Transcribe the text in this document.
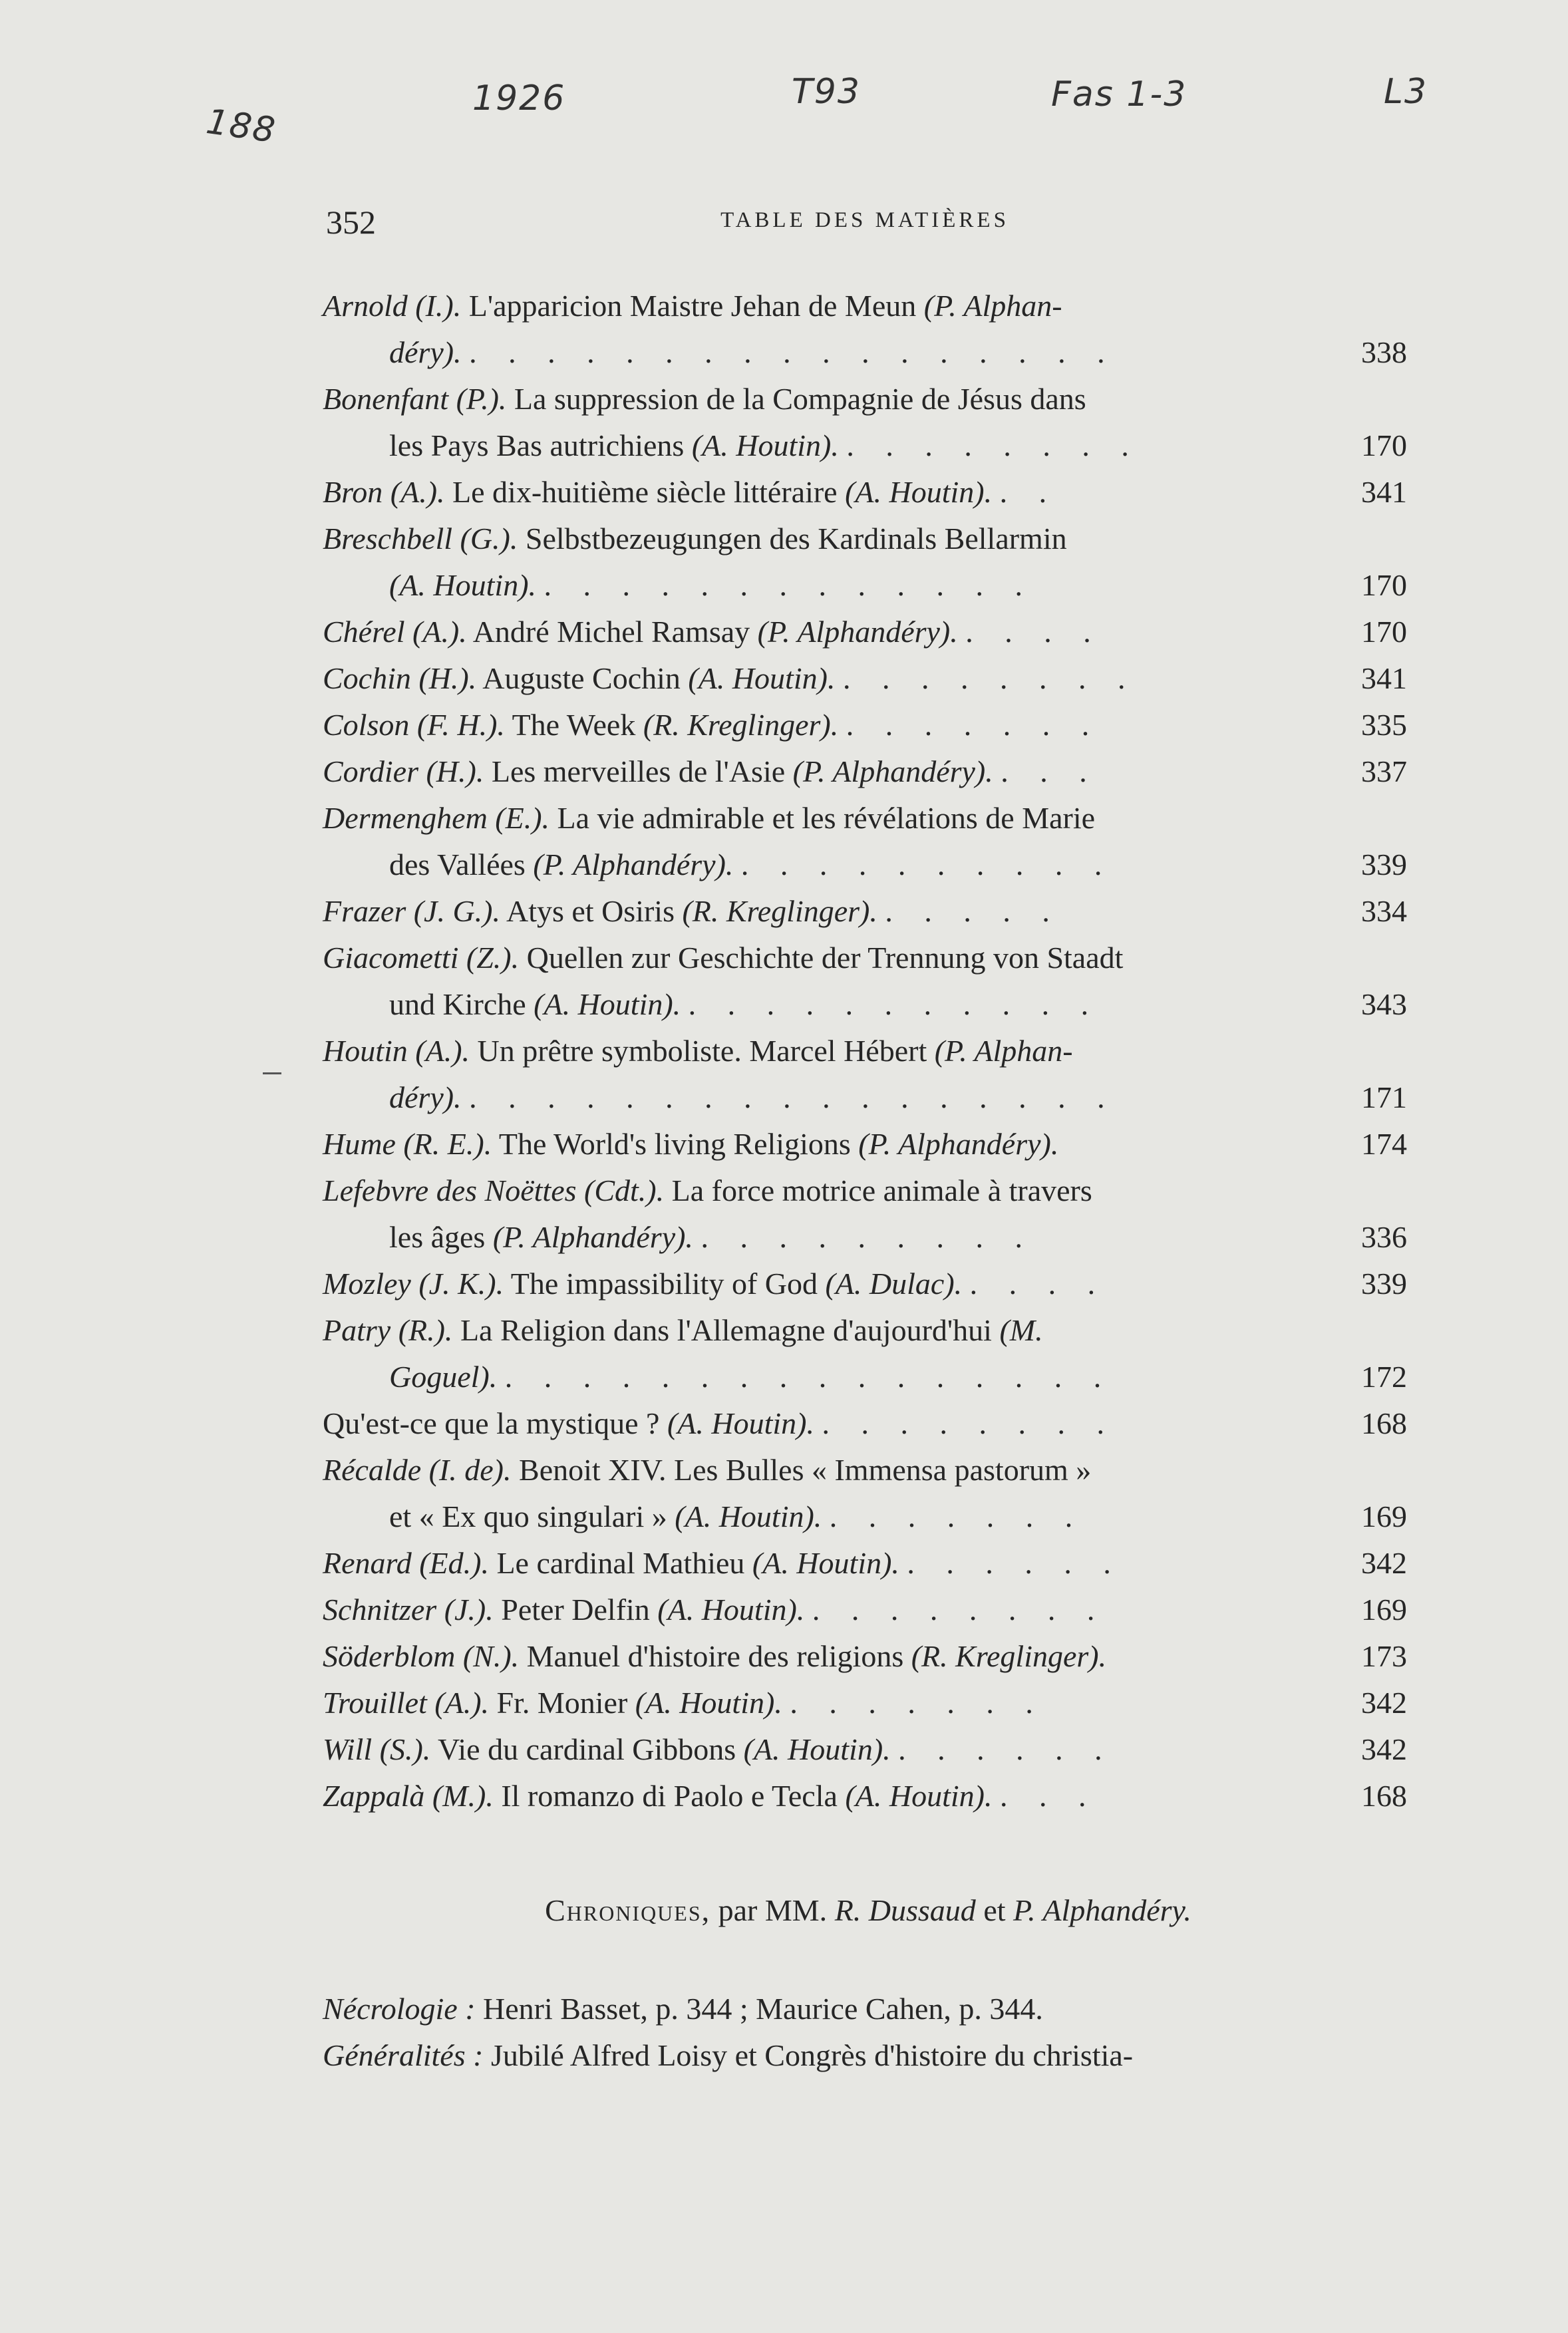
188
1926	T93	Fas 1-3	L3
352	TABLE DES MATIÈRES
Arnold (I.). L'apparicion Maistre Jehan de Meun (P. Alphan-
déry). . . . . . . . . . . . . . . . . .	338
Bonenfant (P.). La suppression de la Compagnie de Jésus dans
les Pays Bas autrichiens (A. Houtin). . . . . . . . .	170
Bron (A.). Le dix-huitième siècle littéraire (A. Houtin). . .	341
Breschbell (G.). Selbstbezeugungen des Kardinals Bellarmin
(A. Houtin). . . . . . . . . . . . . .	170
Chérel (A.). André Michel Ramsay (P. Alphandéry). . . . .	170
Cochin (H.). Auguste Cochin (A. Houtin). . . . . . . . .	341
Colson (F. H.). The Week (R. Kreglinger). . . . . . . .	335
Cordier (H.). Les merveilles de l'Asie (P. Alphandéry). . . .	337
Dermenghem (E.). La vie admirable et les révélations de Marie
des Vallées (P. Alphandéry). . . . . . . . . . .	339
Frazer (J. G.). Atys et Osiris (R. Kreglinger). . . . . .	334
Giacometti (Z.). Quellen zur Geschichte der Trennung von Staadt
und Kirche (A. Houtin). . . . . . . . . . . .	343
Houtin (A.). Un prêtre symboliste. Marcel Hébert (P. Alphan-
déry). . . . . . . . . . . . . . . . . .	171
Hume (R. E.). The World's living Religions (P. Alphandéry).	174
Lefebvre des Noëttes (Cdt.). La force motrice animale à travers
les âges (P. Alphandéry). . . . . . . . . .	336
Mozley (J. K.). The impassibility of God (A. Dulac). . . . .	339
Patry (R.). La Religion dans l'Allemagne d'aujourd'hui (M.
Goguel). . . . . . . . . . . . . . . . .	172
Qu'est-ce que la mystique ? (A. Houtin). . . . . . . . .	168
Récalde (I. de). Benoit XIV. Les Bulles « Immensa pastorum »
et « Ex quo singulari » (A. Houtin). . . . . . . .	169
Renard (Ed.). Le cardinal Mathieu (A. Houtin). . . . . . .	342
Schnitzer (J.). Peter Delfin (A. Houtin). . . . . . . . .	169
Söderblom (N.). Manuel d'histoire des religions (R. Kreglinger).	173
Trouillet (A.). Fr. Monier (A. Houtin). . . . . . . .	342
Will (S.). Vie du cardinal Gibbons (A. Houtin). . . . . . .	342
Zappalà (M.). Il romanzo di Paolo e Tecla (A. Houtin). . . .	168
Chroniques, par MM. R. Dussaud et P. Alphandéry.
Nécrologie : Henri Basset, p. 344 ; Maurice Cahen, p. 344.
Généralités : Jubilé Alfred Loisy et Congrès d'histoire du christia-
